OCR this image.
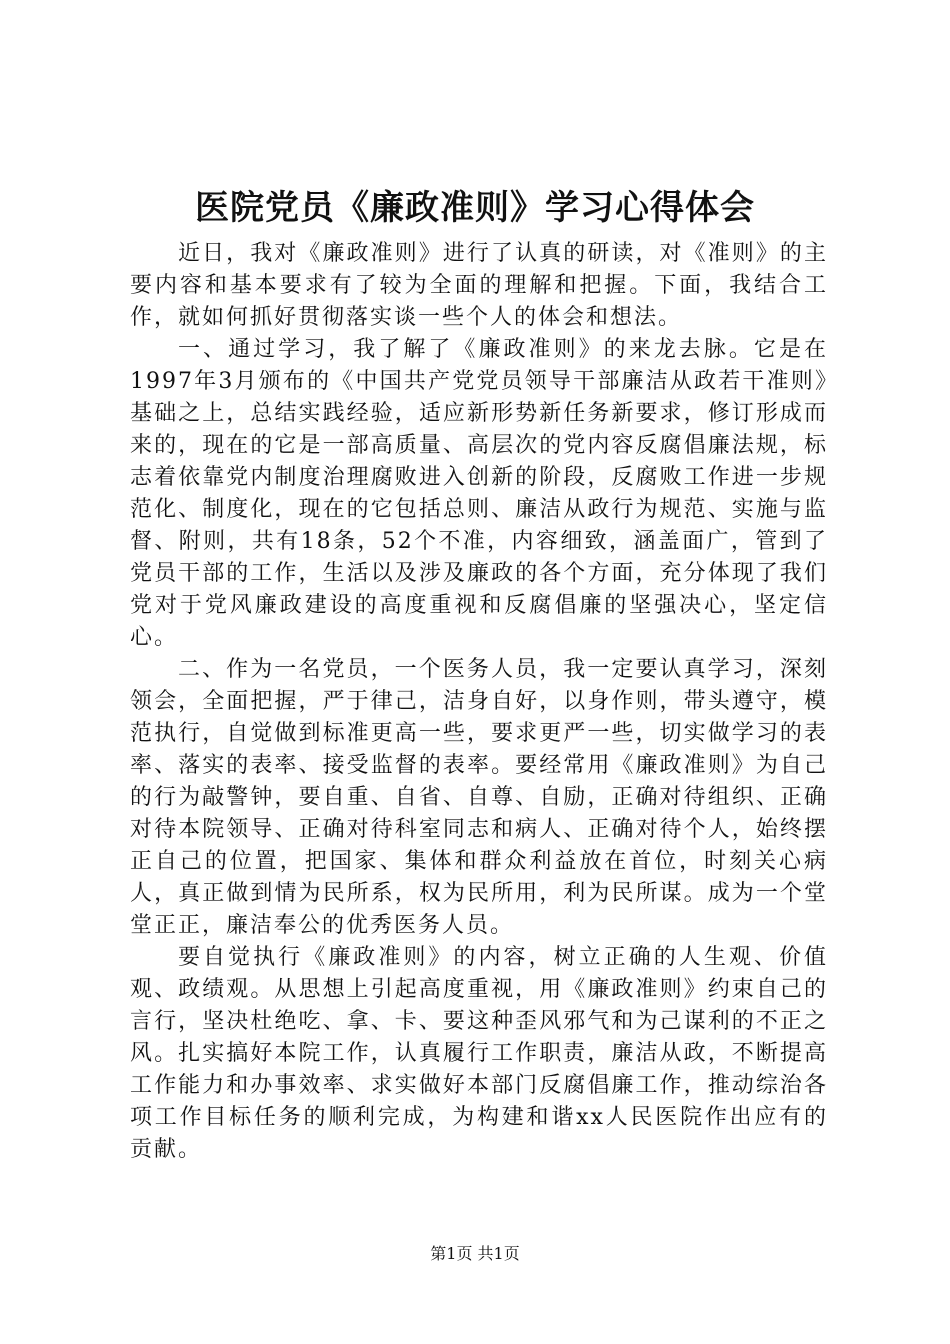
医院党员《廉政准则》学习心得体会

近日，我对《廉政准则》进行了认真的研读，对《准则》的主要内容和基本要求有了较为全面的理解和把握。下面，我结合工作，就如何抓好贯彻落实谈一些个人的体会和想法。

一、通过学习，我了解了《廉政准则》的来龙去脉。它是在1997年3月颁布的《中国共产党党员领导干部廉洁从政若干准则》基础之上，总结实践经验，适应新形势新任务新要求，修订形成而来的，现在的它是一部高质量、高层次的党内容反腐倡廉法规，标志着依靠党内制度治理腐败进入创新的阶段，反腐败工作进一步规范化、制度化，现在的它包括总则、廉洁从政行为规范、实施与监督、附则，共有18条，52个不准，内容细致，涵盖面广，管到了党员干部的工作，生活以及涉及廉政的各个方面，充分体现了我们党对于党风廉政建设的高度重视和反腐倡廉的坚强决心，坚定信心。

二、作为一名党员，一个医务人员，我一定要认真学习，深刻领会，全面把握，严于律己，洁身自好，以身作则，带头遵守，模范执行，自觉做到标准更高一些，要求更严一些，切实做学习的表率、落实的表率、接受监督的表率。要经常用《廉政准则》为自己的行为敲警钟，要自重、自省、自尊、自励，正确对待组织、正确对待本院领导、正确对待科室同志和病人、正确对待个人，始终摆正自己的位置，把国家、集体和群众利益放在首位，时刻关心病人，真正做到情为民所系，权为民所用，利为民所谋。成为一个堂堂正正，廉洁奉公的优秀医务人员。

要自觉执行《廉政准则》的内容，树立正确的人生观、价值观、政绩观。从思想上引起高度重视，用《廉政准则》约束自己的言行，坚决杜绝吃、拿、卡、要这种歪风邪气和为己谋利的不正之风。扎实搞好本院工作，认真履行工作职责，廉洁从政，不断提高工作能力和办事效率、求实做好本部门反腐倡廉工作，推动综治各项工作目标任务的顺利完成，为构建和谐xx人民医院作出应有的贡献。

第1页 共1页
